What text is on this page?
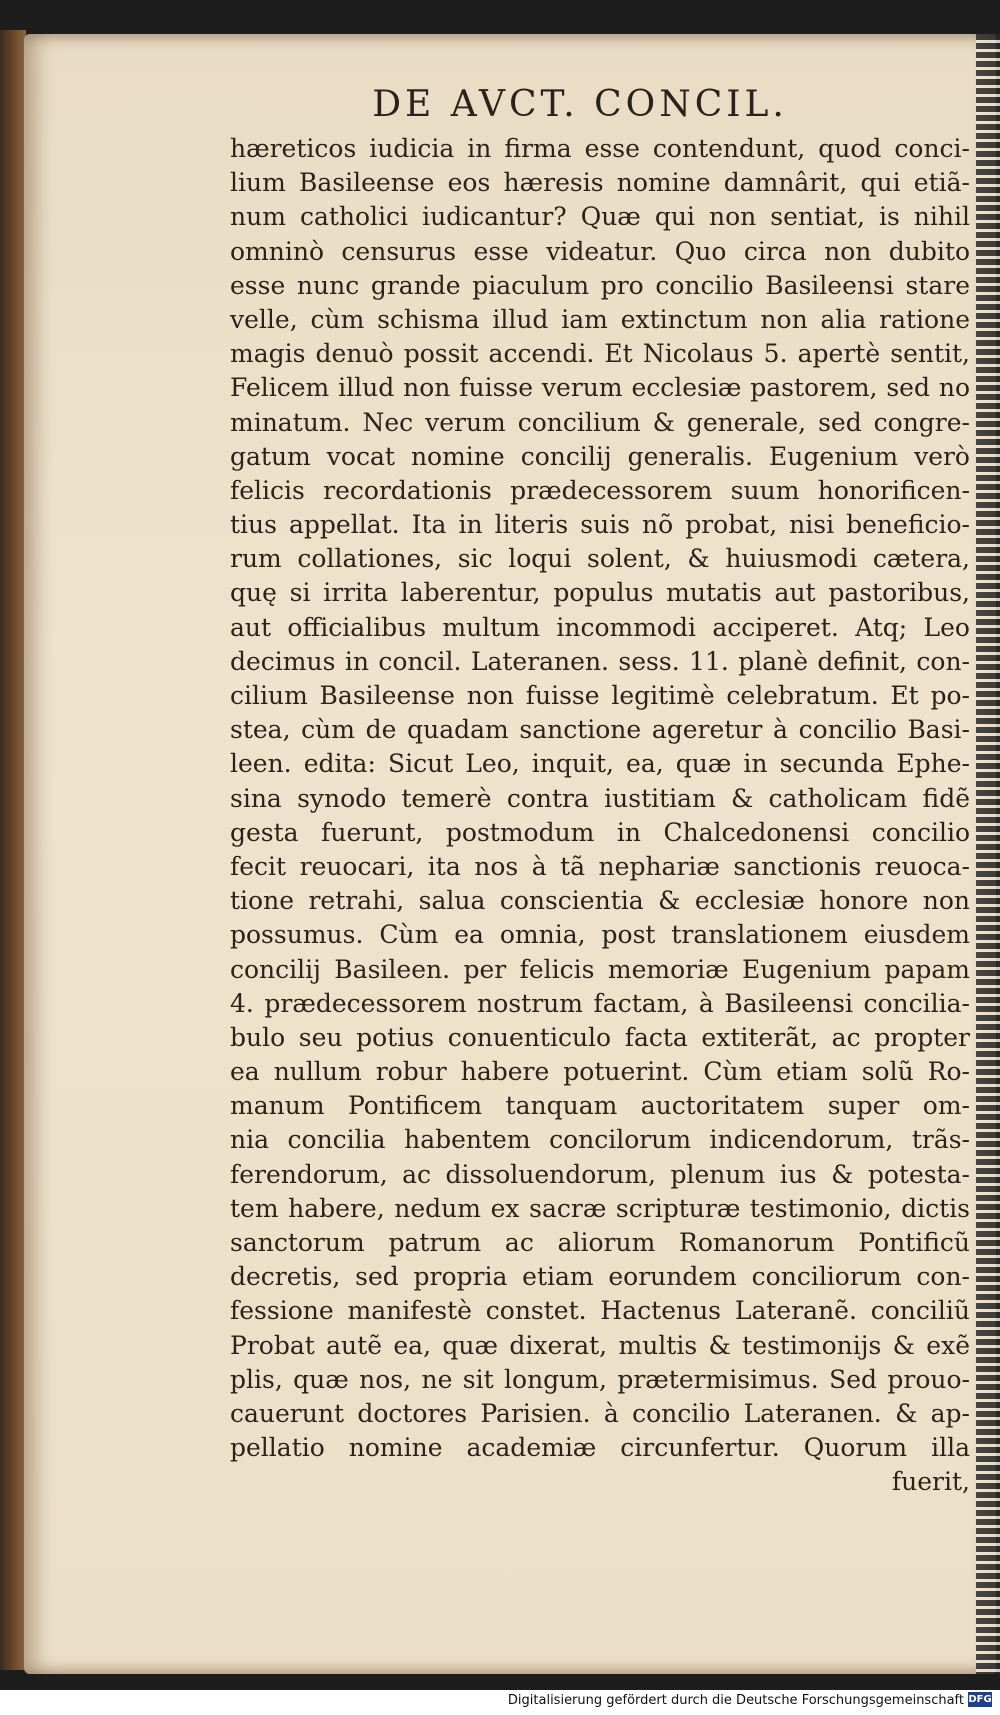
DE AVCT. CONCIL.
hæreticos iudicia in firma esse contendunt, quod conci-
lium Basileense eos hæresis nomine damnârit, qui etiã-
num catholici iudicantur? Quæ qui non sentiat, is nihil
omninò censurus esse videatur. Quo circa non dubito
esse nunc grande piaculum pro concilio Basileensi stare
velle, cùm schisma illud iam extinctum non alia ratione
magis denuò possit accendi. Et Nicolaus 5. apertè sentit,
Felicem illud non fuisse verum ecclesiæ pastorem, sed no
minatum. Nec verum concilium & generale, sed congre-
gatum vocat nomine concilij generalis. Eugenium verò
felicis recordationis prædecessorem suum honorificen-
tius appellat. Ita in literis suis nõ probat, nisi beneficio-
rum collationes, sic loqui solent, & huiusmodi cætera,
quę si irrita laberentur, populus mutatis aut pastoribus,
aut officialibus multum incommodi acciperet. Atq; Leo
decimus in concil. Lateranen. sess. 11. planè definit, con-
cilium Basileense non fuisse legitimè celebratum. Et po-
stea, cùm de quadam sanctione ageretur à concilio Basi-
leen. edita: Sicut Leo, inquit, ea, quæ in secunda Ephe-
sina synodo temerè contra iustitiam & catholicam fidẽ
gesta fuerunt, postmodum in Chalcedonensi concilio
fecit reuocari, ita nos à tã nephariæ sanctionis reuoca-
tione retrahi, salua conscientia & ecclesiæ honore non
possumus. Cùm ea omnia, post translationem eiusdem
concilij Basileen. per felicis memoriæ Eugenium papam
4. prædecessorem nostrum factam, à Basileensi concilia-
bulo seu potius conuenticulo facta extiterãt, ac propter
ea nullum robur habere potuerint. Cùm etiam solũ Ro-
manum Pontificem tanquam auctoritatem super om-
nia concilia habentem concilorum indicendorum, trãs-
ferendorum, ac dissoluendorum, plenum ius & potesta-
tem habere, nedum ex sacræ scripturæ testimonio, dictis
sanctorum patrum ac aliorum Romanorum Pontificũ
decretis, sed propria etiam eorundem conciliorum con-
fessione manifestè constet. Hactenus Lateranẽ. conciliũ
Probat autẽ ea, quæ dixerat, multis & testimonijs & exẽ
plis, quæ nos, ne sit longum, prætermisimus. Sed prouo-
cauerunt doctores Parisien. à concilio Lateranen. & ap-
pellatio nomine academiæ circunfertur. Quorum illa
fuerit,
Digitalisierung gefördert durch die Deutsche Forschungsgemeinschaft DFG
